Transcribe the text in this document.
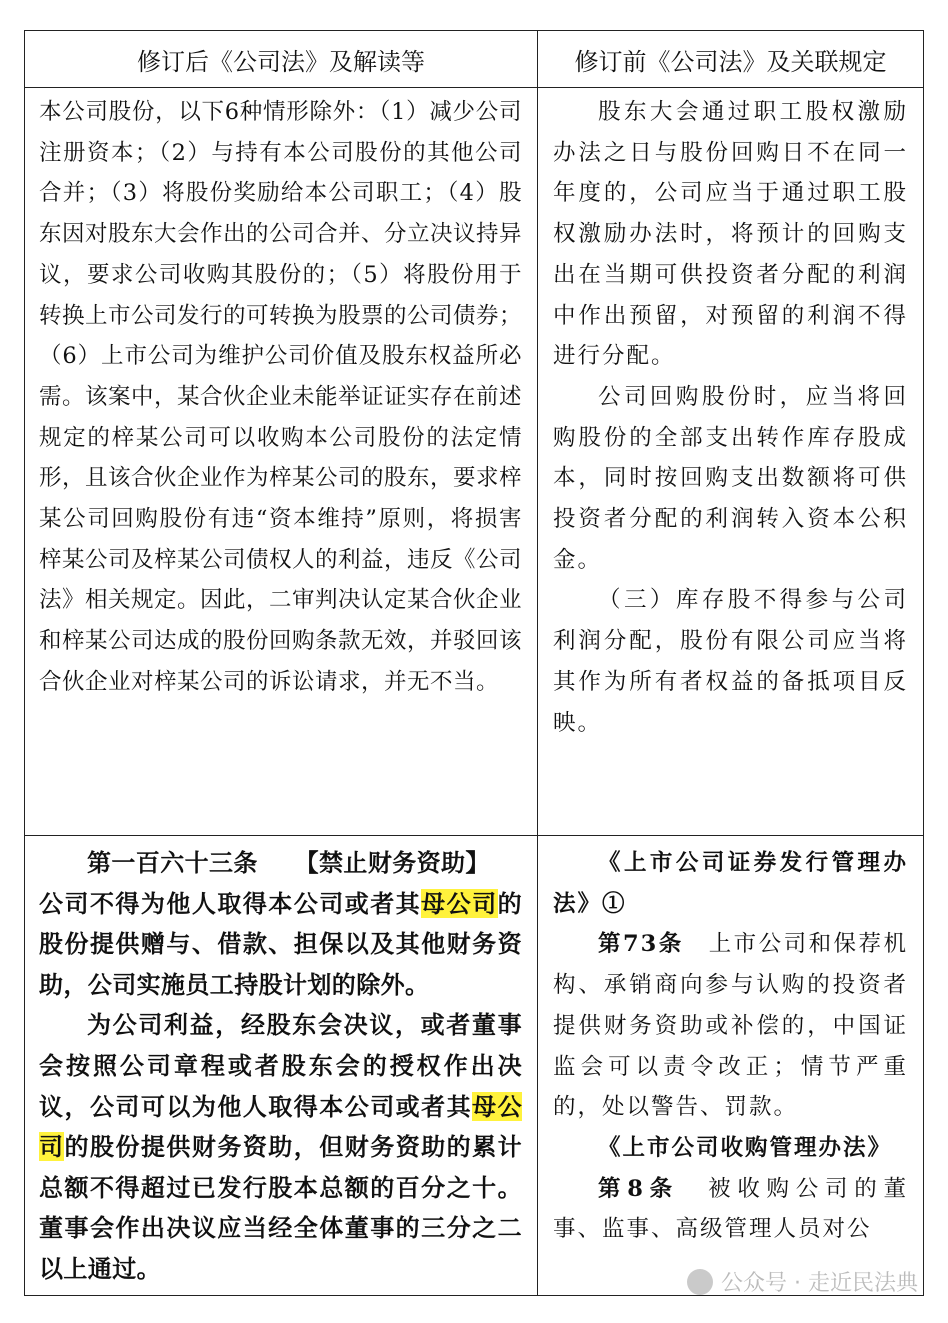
修订后《公司法》及解读等	修订前《公司法》及关联规定

本公司股份，以下6种情形除外：（1）减少公司注册资本；（2）与持有本公司股份的其他公司合并；（3）将股份奖励给本公司职工；（4）股东因对股东大会作出的公司合并、分立决议持异议，要求公司收购其股份的；（5）将股份用于转换上市公司发行的可转换为股票的公司债券；（6）上市公司为维护公司价值及股东权益所必需。该案中，某合伙企业未能举证证实存在前述规定的梓某公司可以收购本公司股份的法定情形，且该合伙企业作为梓某公司的股东，要求梓某公司回购股份有违“资本维持”原则，将损害梓某公司及梓某公司债权人的利益，违反《公司法》相关规定。因此，二审判决认定某合伙企业和梓某公司达成的股份回购条款无效，并驳回该合伙企业对梓某公司的诉讼请求，并无不当。

股东大会通过职工股权激励办法之日与股份回购日不在同一年度的，公司应当于通过职工股权激励办法时，将预计的回购支出在当期可供投资者分配的利润中作出预留，对预留的利润不得进行分配。

公司回购股份时，应当将回购股份的全部支出转作库存股成本，同时按回购支出数额将可供投资者分配的利润转入资本公积金。

（三）库存股不得参与公司利润分配，股份有限公司应当将其作为所有者权益的备抵项目反映。

第一百六十三条   【禁止财务资助】

公司不得为他人取得本公司或者其母公司的股份提供赠与、借款、担保以及其他财务资助，公司实施员工持股计划的除外。

为公司利益，经股东会决议，或者董事会按照公司章程或者股东会的授权作出决议，公司可以为他人取得本公司或者其母公司的股份提供财务资助，但财务资助的累计总额不得超过已发行股本总额的百分之十。董事会作出决议应当经全体董事的三分之二以上通过。

《上市公司证券发行管理办法》①

第73条  上市公司和保荐机构、承销商向参与认购的投资者提供财务资助或补偿的，中国证监会可以责令改正；情节严重的，处以警告、罚款。

《上市公司收购管理办法》

第8条  被收购公司的董事、监事、高级管理人员对公

公众号 · 走近民法典
